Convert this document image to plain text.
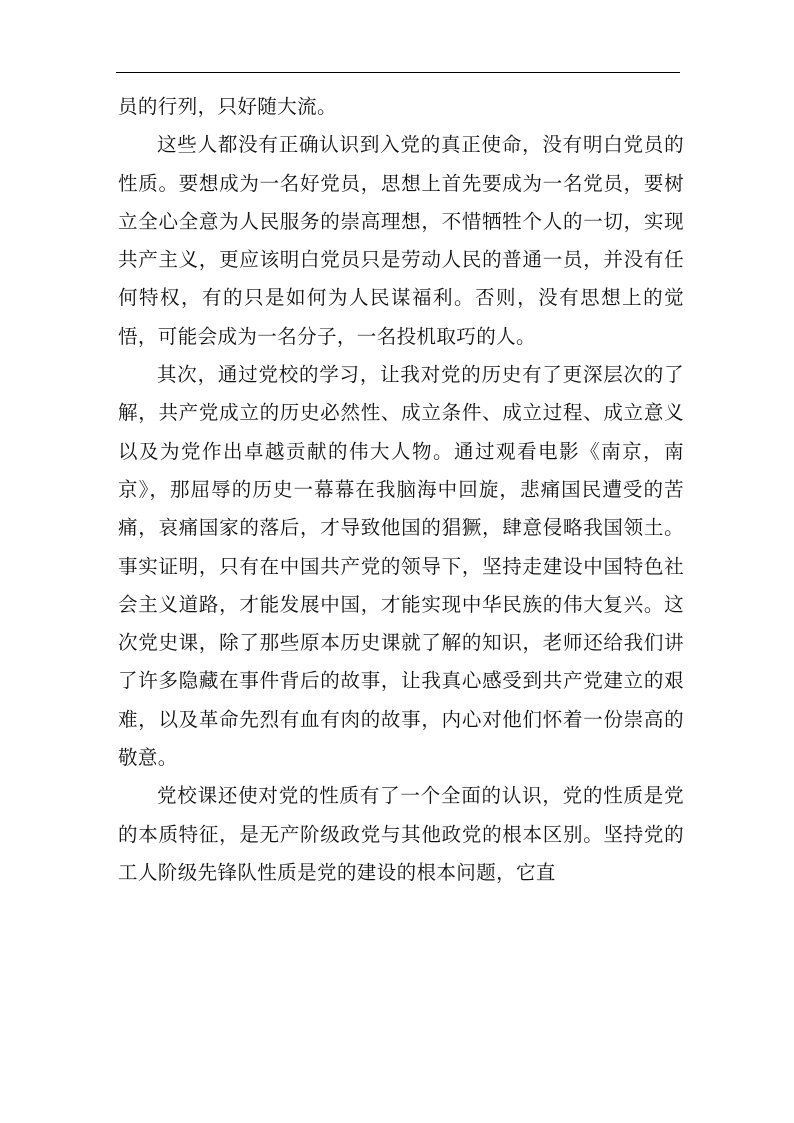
员的行列，只好随大流。

这些人都没有正确认识到入党的真正使命，没有明白党员的性质。要想成为一名好党员，思想上首先要成为一名党员，要树立全心全意为人民服务的崇高理想，不惜牺牲个人的一切，实现共产主义，更应该明白党员只是劳动人民的普通一员，并没有任何特权，有的只是如何为人民谋福利。否则，没有思想上的觉悟，可能会成为一名分子，一名投机取巧的人。

其次，通过党校的学习，让我对党的历史有了更深层次的了解，共产党成立的历史必然性、成立条件、成立过程、成立意义以及为党作出卓越贡献的伟大人物。通过观看电影《南京，南京》，那屈辱的历史一幕幕在我脑海中回旋，悲痛国民遭受的苦痛，哀痛国家的落后，才导致他国的猖獗，肆意侵略我国领土。事实证明，只有在中国共产党的领导下，坚持走建设中国特色社会主义道路，才能发展中国，才能实现中华民族的伟大复兴。这次党史课，除了那些原本历史课就了解的知识，老师还给我们讲了许多隐藏在事件背后的故事，让我真心感受到共产党建立的艰难，以及革命先烈有血有肉的故事，内心对他们怀着一份崇高的敬意。

党校课还使对党的性质有了一个全面的认识，党的性质是党的本质特征，是无产阶级政党与其他政党的根本区别。坚持党的工人阶级先锋队性质是党的建设的根本问题，它直
